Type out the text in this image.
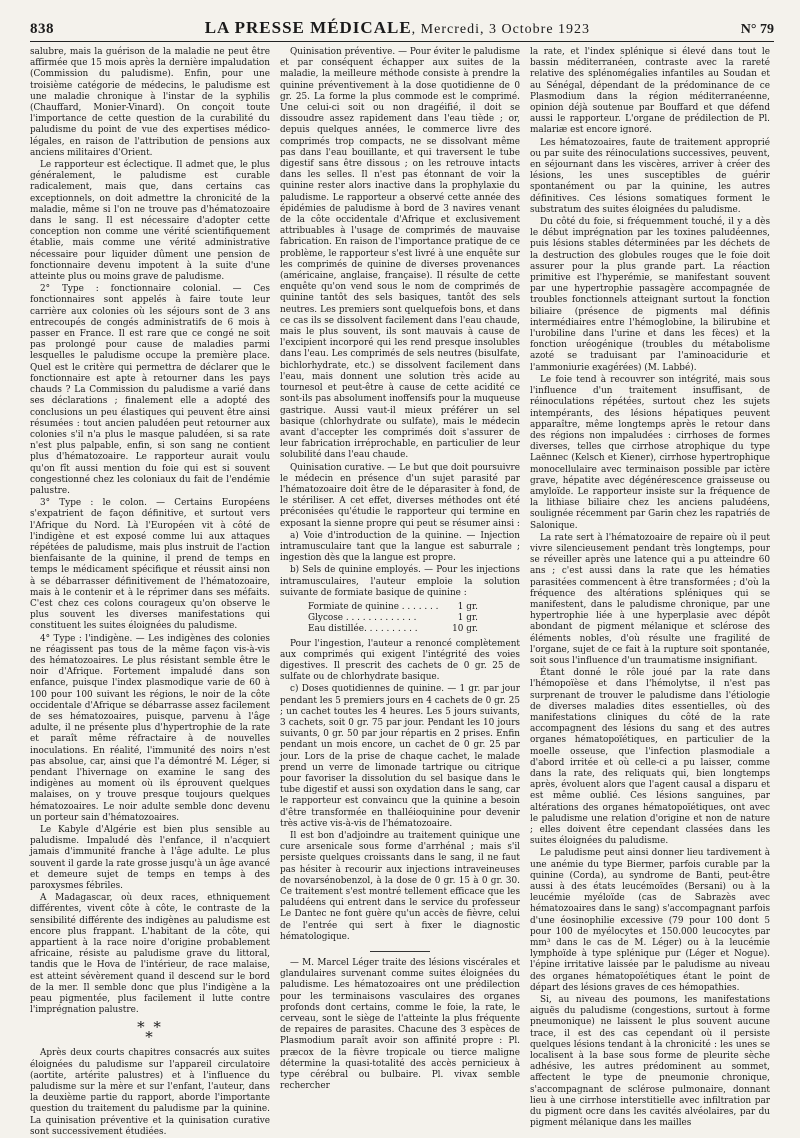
838	LA PRESSE MÉDICALE, Mercredi, 3 Octobre 1923	N° 79

salubre, mais la guérison de la maladie ne peut être affirmée que 15 mois après la dernière impaludation (Commission du paludisme). Enfin, pour une troisième catégorie de médecins, le paludisme est une maladie chronique à l'instar de la syphilis (Chauffard, Monier-Vinard). On conçoit toute l'importance de cette question de la curabilité du paludisme du point de vue des expertises médico-légales, en raison de l'attribution de pensions aux anciens militaires d'Orient.

Le rapporteur est éclectique. Il admet que, le plus généralement, le paludisme est curable radicalement, mais que, dans certains cas exceptionnels, on doit admettre la chronicité de la maladie, même si l'on ne trouve pas d'hématozoaire dans le sang. Il est nécessaire d'adopter cette conception non comme une vérité scientifiquement établie, mais comme une vérité administrative nécessaire pour liquider dûment une pension de fonctionnaire devenu impotent à la suite d'une atteinte plus ou moins grave de paludisme.

2° Type : fonctionnaire colonial. — Ces fonctionnaires sont appelés à faire toute leur carrière aux colonies où les séjours sont de 3 ans entrecoupés de congés administratifs de 6 mois à passer en France. Il est rare que ce congé ne soit pas prolongé pour cause de maladies parmi lesquelles le paludisme occupe la première place. Quel est le critère qui permettra de déclarer que le fonctionnaire est apte à retourner dans les pays chauds ? La Commission du paludisme a varié dans ses déclarations ; finalement elle a adopté des conclusions un peu élastiques qui peuvent être ainsi résumées : tout ancien paludéen peut retourner aux colonies s'il n'a plus le masque paludéen, si sa rate n'est plus palpable, enfin, si son sang ne contient plus d'hématozoaire. Le rapporteur aurait voulu qu'on fît aussi mention du foie qui est si souvent congestionné chez les coloniaux du fait de l'endémie palustre.

3° Type : le colon. — Certains Européens s'expatrient de façon définitive, et surtout vers l'Afrique du Nord. Là l'Européen vit à côté de l'indigène et est exposé comme lui aux attaques répétées de paludisme, mais plus instruit de l'action bienfaisante de la quinine, il prend de temps en temps le médicament spécifique et réussit ainsi non à se débarrasser définitivement de l'hématozoaire, mais à le contenir et à le réprimer dans ses méfaits. C'est chez ces colons courageux qu'on observe le plus souvent les diverses manifestations qui constituent les suites éloignées du paludisme.

4° Type : l'indigène. — Les indigènes des colonies ne réagissent pas tous de la même façon vis-à-vis des hématozoaires. Le plus résistant semble être le noir d'Afrique. Fortement impaludé dans son enfance, puisque l'index plasmodique varie de 60 à 100 pour 100 suivant les régions, le noir de la côte occidentale d'Afrique se débarrasse assez facilement de ses hématozoaires, puisque, parvenu à l'âge adulte, il ne présente plus d'hypertrophie de la rate et paraît même réfractaire à de nouvelles inoculations. En réalité, l'immunité des noirs n'est pas absolue, car, ainsi que l'a démontré M. Léger, si pendant l'hivernage on examine le sang des indigènes au moment où ils éprouvent quelques malaises, on y trouve presque toujours quelques hématozoaires. Le noir adulte semble donc devenu un porteur sain d'hématozoaires.

Le Kabyle d'Algérie est bien plus sensible au paludisme. Impaludé dès l'enfance, il n'acquiert jamais d'immunité franche à l'âge adulte. Le plus souvent il garde la rate grosse jusqu'à un âge avancé et demeure sujet de temps en temps à des paroxysmes fébriles.

A Madagascar, où deux races, ethniquement différentes, vivent côte à côte, le contraste de la sensibilité différente des indigènes au paludisme est encore plus frappant. L'habitant de la côte, qui appartient à la race noire d'origine probablement africaine, résiste au paludisme grave du littoral, tandis que le Hova de l'intérieur, de race malaise, est atteint sévèrement quand il descend sur le bord de la mer. Il semble donc que plus l'indigène a la peau pigmentée, plus facilement il lutte contre l'imprégnation palustre.

* *
*

Après deux courts chapitres consacrés aux suites éloignées du paludisme sur l'appareil circulatoire (aortite, artérite palustres) et à l'influence du paludisme sur la mère et sur l'enfant, l'auteur, dans la deuxième partie du rapport, aborde l'importante question du traitement du paludisme par la quinine. La quinisation préventive et la quinisation curative sont successivement étudiées.

Quinisation préventive. — Pour éviter le paludisme et par conséquent échapper aux suites de la maladie, la meilleure méthode consiste à prendre la quinine préventivement à la dose quotidienne de 0 gr. 25. La forme la plus commode est le comprimé. Une celui-ci soit ou non dragéifié, il doit se dissoudre assez rapidement dans l'eau tiède ; or, depuis quelques années, le commerce livre des comprimés trop compacts, ne se dissolvant même pas dans l'eau bouillante, et qui traversent le tube digestif sans être dissous ; on les retrouve intacts dans les selles. Il n'est pas étonnant de voir la quinine rester alors inactive dans la prophylaxie du paludisme. Le rapporteur a observé cette année des épidémies de paludisme à bord de 3 navires venant de la côte occidentale d'Afrique et exclusivement attribuables à l'usage de comprimés de mauvaise fabrication. En raison de l'importance pratique de ce problème, le rapporteur s'est livré à une enquête sur les comprimés de quinine de diverses provenances (américaine, anglaise, française). Il résulte de cette enquête qu'on vend sous le nom de comprimés de quinine tantôt des sels basiques, tantôt des sels neutres. Les premiers sont quelquefois bons, et dans ce cas ils se dissolvent facilement dans l'eau chaude, mais le plus souvent, ils sont mauvais à cause de l'excipient incorporé qui les rend presque insolubles dans l'eau. Les comprimés de sels neutres (bisulfate, bichlorhydrate, etc.) se dissolvent facilement dans l'eau, mais donnent une solution très acide au tournesol et peut-être à cause de cette acidité ce sont-ils pas absolument inoffensifs pour la muqueuse gastrique. Aussi vaut-il mieux préférer un sel basique (chlorhydrate ou sulfate), mais le médecin avant d'accepter les comprimés doit s'assurer de leur fabrication irréprochable, en particulier de leur solubilité dans l'eau chaude.

Quinisation curative. — Le but que doit poursuivre le médecin en présence d'un sujet parasité par l'hématozoaire doit être de le déparasiter à fond, de le stériliser. A cet effet, diverses méthodes ont été préconisées qu'étudie le rapporteur qui termine en exposant la sienne propre qui peut se résumer ainsi :

a) Voie d'introduction de la quinine. — Injection intramusculaire tant que la langue est saburrale ; ingestion dès que la langue est propre.

b) Sels de quinine employés. — Pour les injections intramusculaires, l'auteur emploie la solution suivante de formiate basique de quinine :

Formiate de quinine . . . . . . .	1 gr.
Glycose . . . . . . . . . . . . .	1 gr.
Eau distillée. . . . . . . . . .	10 gr.

Pour l'ingestion, l'auteur a renoncé complètement aux comprimés qui exigent l'intégrité des voies digestives. Il prescrit des cachets de 0 gr. 25 de sulfate ou de chlorhydrate basique.

c) Doses quotidiennes de quinine. — 1 gr. par jour pendant les 5 premiers jours en 4 cachets de 0 gr. 25 ; un cachet toutes les 4 heures. Les 5 jours suivants, 3 cachets, soit 0 gr. 75 par jour. Pendant les 10 jours suivants, 0 gr. 50 par jour répartis en 2 prises. Enfin pendant un mois encore, un cachet de 0 gr. 25 par jour. Lors de la prise de chaque cachet, le malade prend un verre de limonade tartrique ou citrique pour favoriser la dissolution du sel basique dans le tube digestif et aussi son oxydation dans le sang, car le rapporteur est convaincu que la quinine a besoin d'être transformée en thalléioquinine pour devenir très active vis-à-vis de l'hématozoaire.

Il est bon d'adjoindre au traitement quinique une cure arsenicale sous forme d'arrhénal ; mais s'il persiste quelques croissants dans le sang, il ne faut pas hésiter à recourir aux injections intraveineuses de novarsénobenzol, à la dose de 0 gr. 15 à 0 gr. 30. Ce traitement s'est montré tellement efficace que les paludéens qui entrent dans le service du professeur Le Dantec ne font guère qu'un accès de fièvre, celui de l'entrée qui sert à fixer le diagnostic hématologique.

— M. Marcel Léger traite des lésions viscérales et glandulaires survenant comme suites éloignées du paludisme. Les hématozoaires ont une prédilection pour les terminaisons vasculaires des organes profonds dont certains, comme le foie, la rate, le cerveau, sont le siège de l'atteinte la plus fréquente de repaires de parasites. Chacune des 3 espèces de Plasmodium paraît avoir son affinité propre : Pl. præcox de la fièvre tropicale ou tierce maligne détermine la quasi-totalité des accès pernicieux à type cérébral ou bulbaire. Pl. vivax semble rechercher

la rate, et l'index splénique si élevé dans tout le bassin méditerranéen, contraste avec la rareté relative des splénomégalies infantiles au Soudan et au Sénégal, dépendant de la prédominance de ce Plasmodium dans la région méditerranéenne, opinion déjà soutenue par Bouffard et que défend aussi le rapporteur. L'organe de prédilection de Pl. malariæ est encore ignoré.

Les hématozoaires, faute de traitement approprié ou par suite des réinoculations successives, peuvent, en séjournant dans les viscères, arriver à créer des lésions, les unes susceptibles de guérir spontanément ou par la quinine, les autres définitives. Ces lésions somatiques forment le substratum des suites éloignées du paludisme.

Du côté du foie, si fréquemment touché, il y a dès le début imprégnation par les toxines paludéennes, puis lésions stables déterminées par les déchets de la destruction des globules rouges que le foie doit assurer pour la plus grande part. La réaction primitive est l'hyperémie, se manifestant souvent par une hypertrophie passagère accompagnée de troubles fonctionnels atteignant surtout la fonction biliaire (présence de pigments mal définis intermédiaires entre l'hémoglobine, la bilirubine et l'urobiline dans l'urine et dans les fèces) et la fonction uréogénique (troubles du métabolisme azoté se traduisant par l'aminoacidurie et l'ammoniurie exagérées) (M. Labbé).

Le foie tend à recouvrer son intégrité, mais sous l'influence d'un traitement insuffisant, de réinoculations répétées, surtout chez les sujets intempérants, des lésions hépatiques peuvent apparaître, même longtemps après le retour dans des régions non impaludées : cirrhoses de formes diverses, telles que cirrhose atrophique du type Laënnec (Kelsch et Kiener), cirrhose hypertrophique monocellulaire avec terminaison possible par ictère grave, hépatite avec dégénérescence graisseuse ou amyloïde. Le rapporteur insiste sur la fréquence de la lithiase biliaire chez les anciens paludéens, soulignée récemment par Garin chez les rapatriés de Salonique.

La rate sert à l'hématozoaire de repaire où il peut vivre silencieusement pendant très longtemps, pour se réveiller après une latence qui a pu atteindre 60 ans ; c'est aussi dans la rate que les hématies parasitées commencent à être transformées ; d'où la fréquence des altérations spléniques qui se manifestent, dans le paludisme chronique, par une hypertrophie liée à une hyperplasie avec dépôt abondant de pigment mélanique et sclérose des éléments nobles, d'où résulte une fragilité de l'organe, sujet de ce fait à la rupture soit spontanée, soit sous l'influence d'un traumatisme insignifiant.

Étant donné le rôle joué par la rate dans l'hémopoïèse et dans l'hémolytse, il n'est pas surprenant de trouver le paludisme dans l'étiologie de diverses maladies dites essentielles, où des manifestations cliniques du côté de la rate accompagnent des lésions du sang et des autres organes hématopoïétiques, en particulier de la moelle osseuse, que l'infection plasmodiale a d'abord irritée et où celle-ci a pu laisser, comme dans la rate, des reliquats qui, bien longtemps après, évoluent alors que l'agent causal a disparu et est même oublié. Ces lésions sanguines, par altérations des organes hématopoïétiques, ont avec le paludisme une relation d'origine et non de nature ; elles doivent être cependant classées dans les suites éloignées du paludisme.

Le paludisme peut ainsi donner lieu tardivement à une anémie du type Biermer, parfois curable par la quinine (Corda), au syndrome de Banti, peut-être aussi à des états leucémoïdes (Bersani) ou à la leucémie myéloïde (cas de Sabrazès avec hématozoaires dans le sang) s'accompagnant parfois d'une éosinophilie excessive (79 pour 100 dont 5 pour 100 de myélocytes et 150.000 leucocytes par mm³ dans le cas de M. Léger) ou à la leucémie lymphoïde à type splénique pur (Léger et Nogue). l'épine irritative laissée par le paludisme au niveau des organes hématopoïétiques étant le point de départ des lésions graves de ces hémopathies.

Si, au niveau des poumons, les manifestations aiguës du paludisme (congestions, surtout à forme pneumonique) ne laissent le plus souvent aucune trace, il est des cas cependant où il persiste quelques lésions tendant à la chronicité : les unes se localisent à la base sous forme de pleurite sèche adhésive, les autres prédominent au sommet, affectent le type de pneumonie chronique, s'accompagnant de sclérose pulmonaire, donnant lieu à une cirrhose interstitielle avec infiltration par du pigment ocre dans les cavités alvéolaires, par du pigment mélanique dans les mailles
